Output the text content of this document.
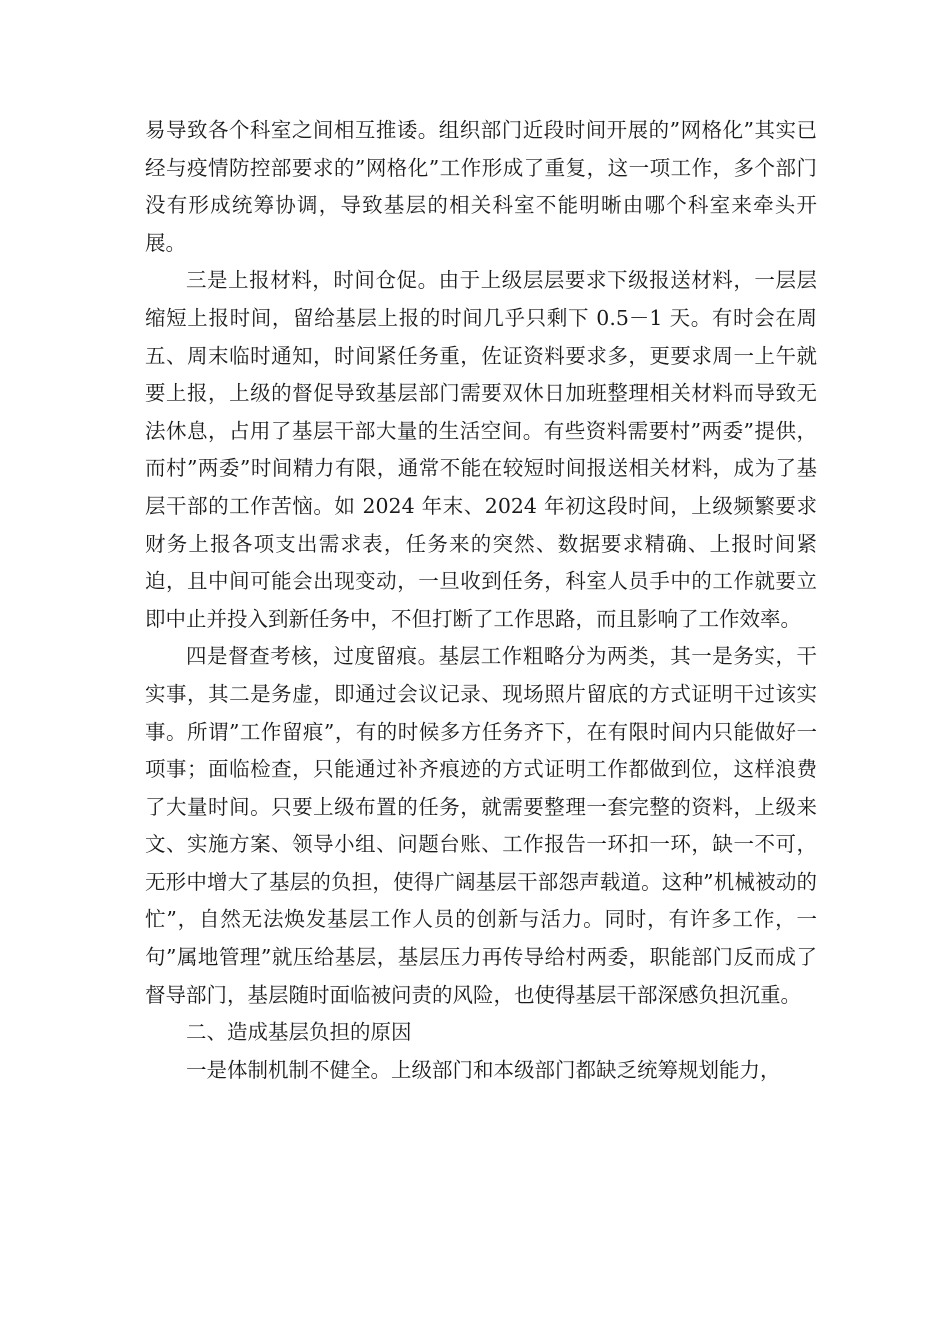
易导致各个科室之间相互推诿。组织部门近段时间开展的”网格化”其实已经与疫情防控部要求的”网格化”工作形成了重复，这一项工作，多个部门没有形成统筹协调，导致基层的相关科室不能明晰由哪个科室来牵头开展。

三是上报材料，时间仓促。由于上级层层要求下级报送材料，一层层缩短上报时间，留给基层上报的时间几乎只剩下 0.5－1 天。有时会在周五、周末临时通知，时间紧任务重，佐证资料要求多，更要求周一上午就要上报，上级的督促导致基层部门需要双休日加班整理相关材料而导致无法休息，占用了基层干部大量的生活空间。有些资料需要村”两委”提供，而村”两委”时间精力有限，通常不能在较短时间报送相关材料，成为了基层干部的工作苦恼。如 2024 年末、2024 年初这段时间，上级频繁要求财务上报各项支出需求表，任务来的突然、数据要求精确、上报时间紧迫，且中间可能会出现变动，一旦收到任务，科室人员手中的工作就要立即中止并投入到新任务中，不但打断了工作思路，而且影响了工作效率。

四是督查考核，过度留痕。基层工作粗略分为两类，其一是务实，干实事，其二是务虚，即通过会议记录、现场照片留底的方式证明干过该实事。所谓”工作留痕”，有的时候多方任务齐下，在有限时间内只能做好一项事；面临检查，只能通过补齐痕迹的方式证明工作都做到位，这样浪费了大量时间。只要上级布置的任务，就需要整理一套完整的资料，上级来文、实施方案、领导小组、问题台账、工作报告一环扣一环，缺一不可，无形中增大了基层的负担，使得广阔基层干部怨声载道。这种”机械被动的忙”，自然无法焕发基层工作人员的创新与活力。同时，有许多工作，一句”属地管理”就压给基层，基层压力再传导给村两委，职能部门反而成了督导部门，基层随时面临被问责的风险，也使得基层干部深感负担沉重。

二、造成基层负担的原因

一是体制机制不健全。上级部门和本级部门都缺乏统筹规划能力，
